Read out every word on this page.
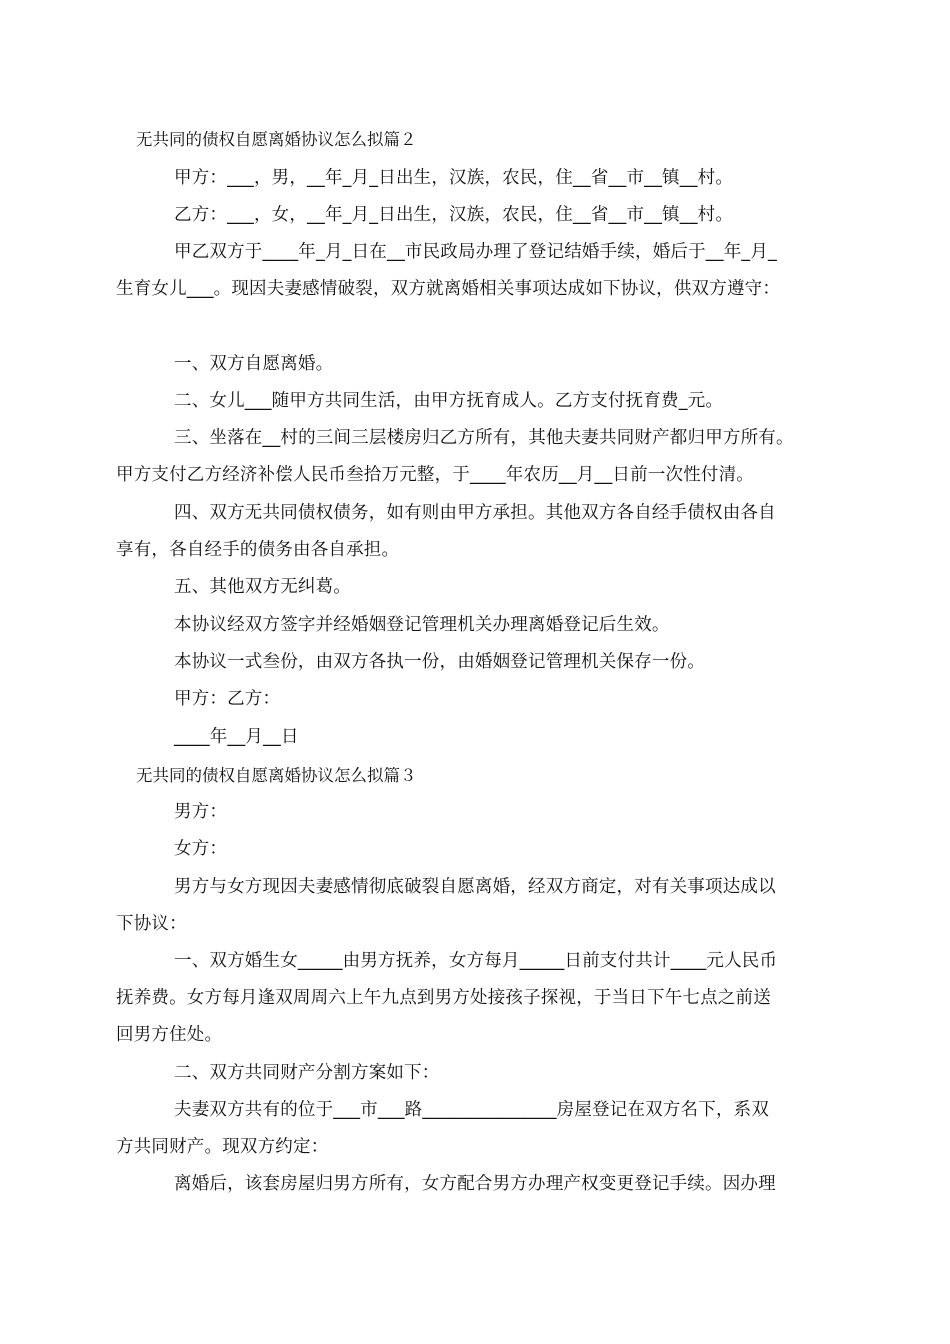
无共同的债权自愿离婚协议怎么拟篇２
甲方：___，男，__年_月_日出生，汉族，农民，住__省__市__镇__村。
乙方：___，女，__年_月_日出生，汉族，农民，住__省__市__镇__村。
甲乙双方于____年_月_日在__市民政局办理了登记结婚手续，婚后于__年_月_
生育女儿___。现因夫妻感情破裂，双方就离婚相关事项达成如下协议，供双方遵守：
一、双方自愿离婚。
二、女儿___随甲方共同生活，由甲方抚育成人。乙方支付抚育费_元。
三、坐落在__村的三间三层楼房归乙方所有，其他夫妻共同财产都归甲方所有。
甲方支付乙方经济补偿人民币叁拾万元整，于____年农历__月__日前一次性付清。
四、双方无共同债权债务，如有则由甲方承担。其他双方各自经手债权由各自
享有，各自经手的债务由各自承担。
五、其他双方无纠葛。
本协议经双方签字并经婚姻登记管理机关办理离婚登记后生效。
本协议一式叁份，由双方各执一份，由婚姻登记管理机关保存一份。
甲方：乙方：
____年__月__日
无共同的债权自愿离婚协议怎么拟篇３
男方：
女方：
男方与女方现因夫妻感情彻底破裂自愿离婚，经双方商定，对有关事项达成以
下协议：
一、双方婚生女_____由男方抚养，女方每月_____日前支付共计____元人民币
抚养费。女方每月逢双周周六上午九点到男方处接孩子探视，于当日下午七点之前送
回男方住处。
二、双方共同财产分割方案如下：
夫妻双方共有的位于___市___路_______________房屋登记在双方名下，系双
方共同财产。现双方约定：
离婚后，该套房屋归男方所有，女方配合男方办理产权变更登记手续。因办理
